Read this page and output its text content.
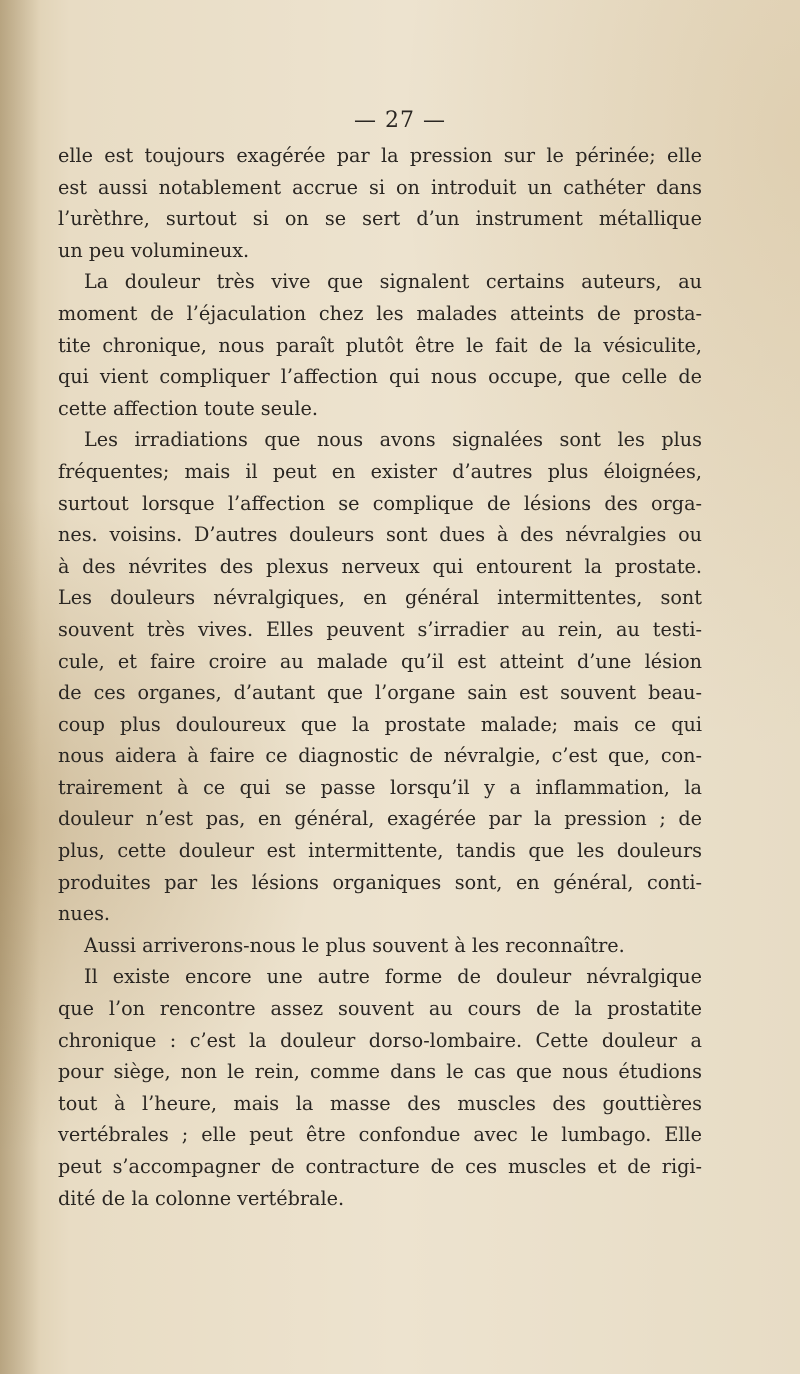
— 27 —
elle est toujours exagérée par la pression sur le périnée; elle
est aussi notablement accrue si on introduit un cathéter dans
l’urèthre, surtout si on se sert d’un instrument métallique
un peu volumineux.
La douleur très vive que signalent certains auteurs, au
moment de l’éjaculation chez les malades atteints de prosta-
tite chronique, nous paraît plutôt être le fait de la vésiculite,
qui vient compliquer l’affection qui nous occupe, que celle de
cette affection toute seule.
Les irradiations que nous avons signalées sont les plus
fréquentes; mais il peut en exister d’autres plus éloignées,
surtout lorsque l’affection se complique de lésions des orga-
nes. voisins. D’autres douleurs sont dues à des névralgies ou
à des névrites des plexus nerveux qui entourent la prostate.
Les douleurs névralgiques, en général intermittentes, sont
souvent très vives. Elles peuvent s’irradier au rein, au testi-
cule, et faire croire au malade qu’il est atteint d’une lésion
de ces organes, d’autant que l’organe sain est souvent beau-
coup plus douloureux que la prostate malade; mais ce qui
nous aidera à faire ce diagnostic de névralgie, c’est que, con-
trairement à ce qui se passe lorsqu’il y a inflammation, la
douleur n’est pas, en général, exagérée par la pression ; de
plus, cette douleur est intermittente, tandis que les douleurs
produites par les lésions organiques sont, en général, conti-
nues.
Aussi arriverons-nous le plus souvent à les reconnaître.
Il existe encore une autre forme de douleur névralgique
que l’on rencontre assez souvent au cours de la prostatite
chronique : c’est la douleur dorso-lombaire. Cette douleur a
pour siège, non le rein, comme dans le cas que nous étudions
tout à l’heure, mais la masse des muscles des gouttières
vertébrales ; elle peut être confondue avec le lumbago. Elle
peut s’accompagner de contracture de ces muscles et de rigi-
dité de la colonne vertébrale.
